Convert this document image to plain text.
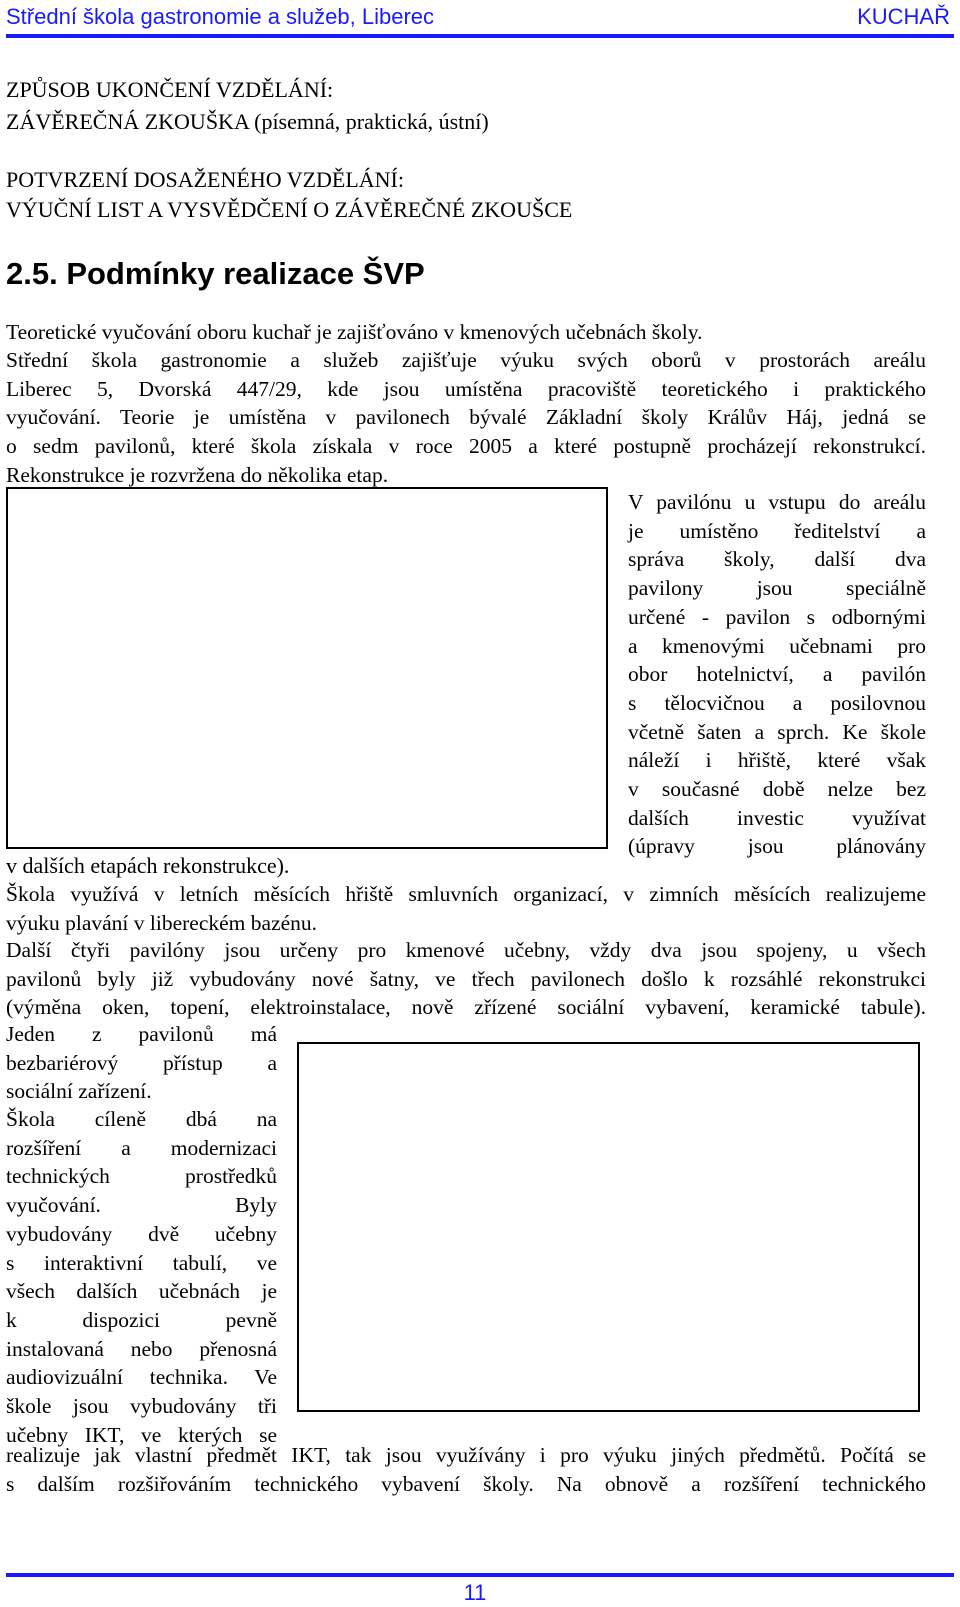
Střední škola gastronomie a služeb, Liberec	KUCHAŘ
ZPŮSOB UKONČENÍ VZDĚLÁNÍ:
ZÁVĚREČNÁ ZKOUŠKA (písemná, praktická, ústní)
POTVRZENÍ DOSAŽENÉHO VZDĚLÁNÍ:
VÝUČNÍ LIST A VYSVĚDČENÍ O ZÁVĚREČNÉ ZKOUŠCE
2.5. Podmínky realizace ŠVP
Teoretické vyučování oboru kuchař je zajišťováno v kmenových učebnách školy.
Střední škola gastronomie a služeb zajišťuje výuku svých oborů v prostorách areálu
Liberec 5, Dvorská 447/29, kde jsou umístěna pracoviště teoretického i praktického
vyučování. Teorie je umístěna v pavilonech bývalé Základní školy Králův Háj, jedná se
o sedm pavilonů, které škola získala v roce 2005 a které postupně procházejí rekonstrukcí.
Rekonstrukce je rozvržena do několika etap.
V pavilónu u vstupu do areálu
je umístěno ředitelství a
správa školy, další dva
pavilony jsou speciálně
určené - pavilon s odbornými
a kmenovými učebnami pro
obor hotelnictví, a pavilón
s tělocvičnou a posilovnou
včetně šaten a sprch. Ke škole
náleží i hřiště, které však
v současné době nelze bez
dalších investic využívat
(úpravy jsou plánovány
v dalších etapách rekonstrukce).
Škola využívá v letních měsících hřiště smluvních organizací, v zimních měsících realizujeme
výuku plavání v libereckém bazénu.
Další čtyři pavilóny jsou určeny pro kmenové učebny, vždy dva jsou spojeny, u všech
pavilonů byly již vybudovány nové šatny, ve třech pavilonech došlo k rozsáhlé rekonstrukci
(výměna oken, topení, elektroinstalace, nově zřízené sociální vybavení, keramické tabule).
Jeden z pavilonů má
bezbariérový přístup a
sociální zařízení.
Škola cíleně dbá na
rozšíření a modernizaci
technických prostředků
vyučování. Byly
vybudovány dvě učebny
s interaktivní tabulí, ve
všech dalších učebnách je
k dispozici pevně
instalovaná nebo přenosná
audiovizuální technika. Ve
škole jsou vybudovány tři
učebny IKT, ve kterých se
realizuje jak vlastní předmět IKT, tak jsou využívány i pro výuku jiných předmětů. Počítá se
s dalším rozšiřováním technického vybavení školy. Na obnově a rozšíření technického
11
